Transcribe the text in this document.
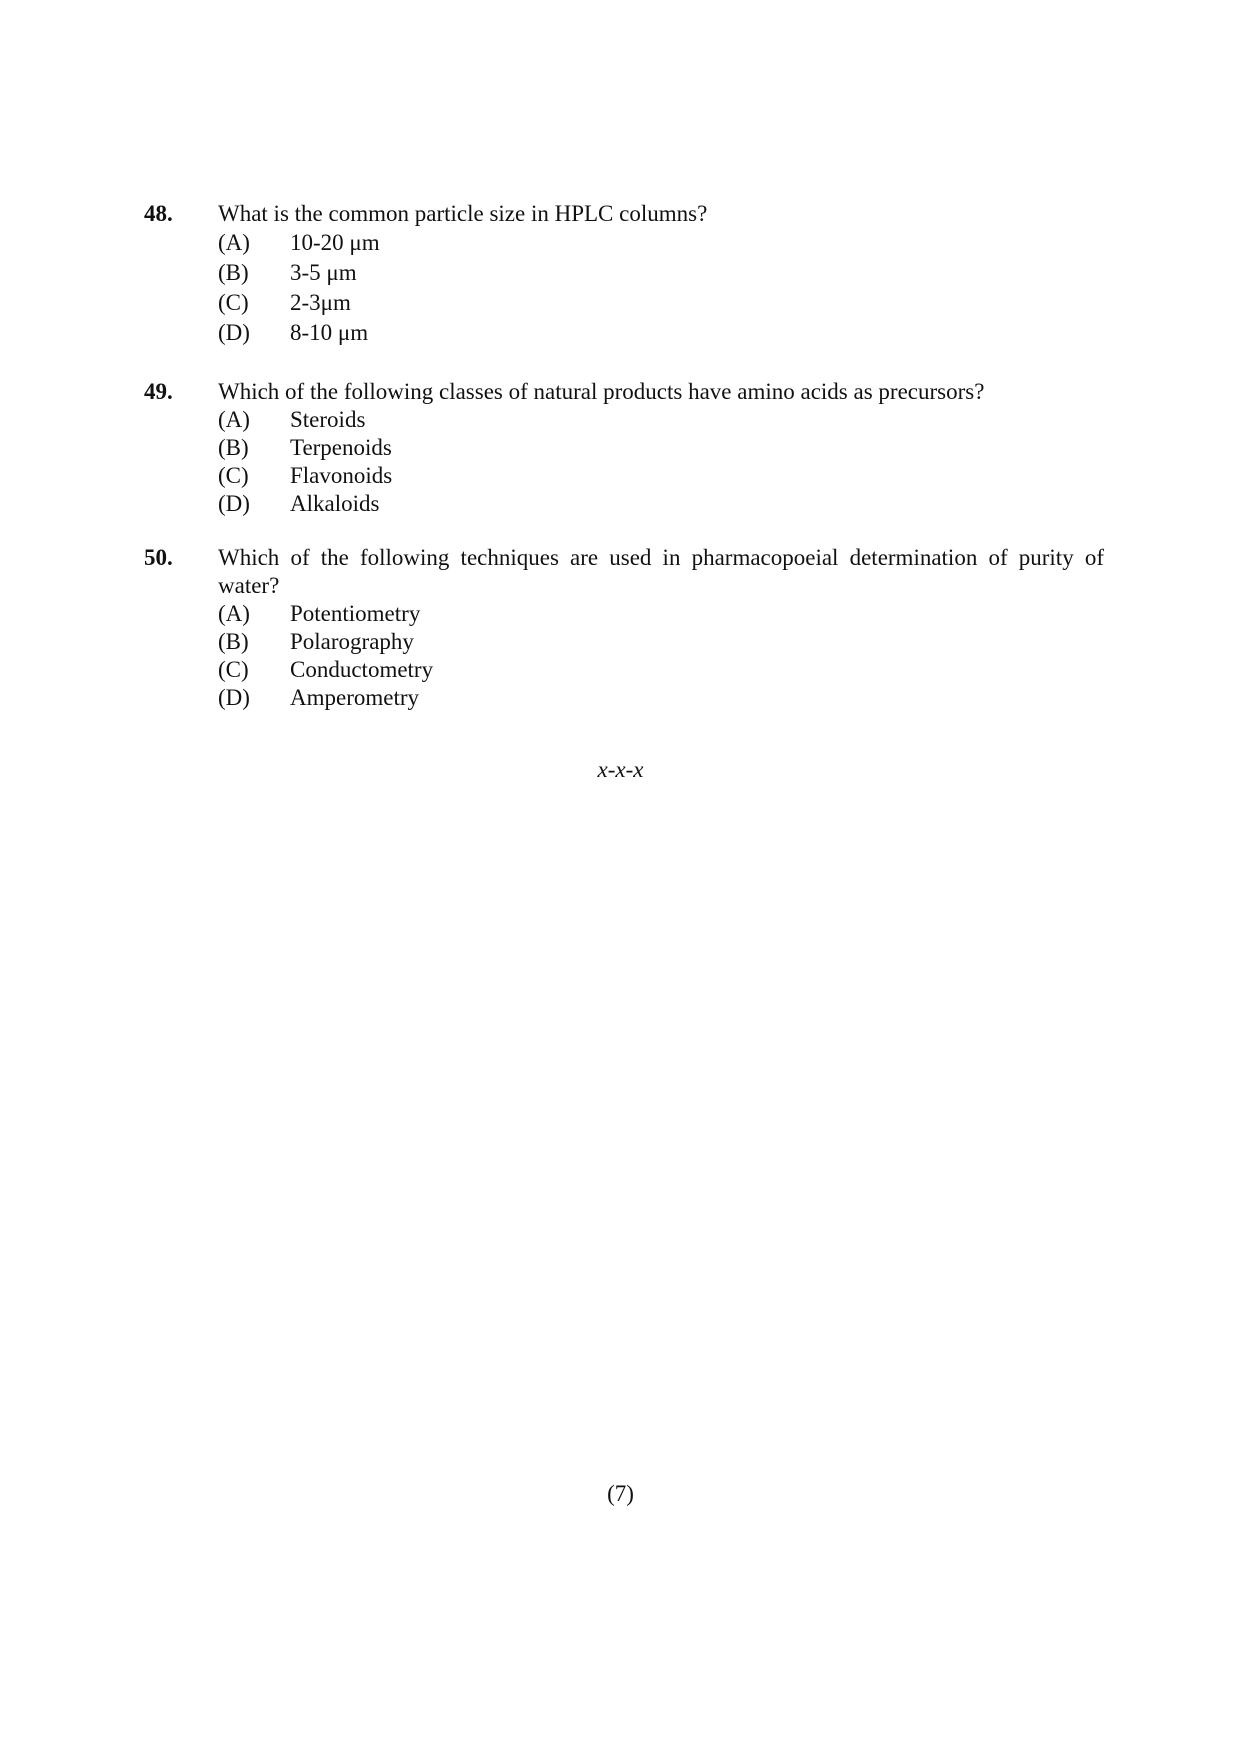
48. What is the common particle size in HPLC columns?
(A) 10-20 μm
(B) 3-5 μm
(C) 2-3μm
(D) 8-10 μm
49. Which of the following classes of natural products have amino acids as precursors?
(A) Steroids
(B) Terpenoids
(C) Flavonoids
(D) Alkaloids
50. Which of the following techniques are used in pharmacopoeial determination of purity of water?
(A) Potentiometry
(B) Polarography
(C) Conductometry
(D) Amperometry
x-x-x
(7)
